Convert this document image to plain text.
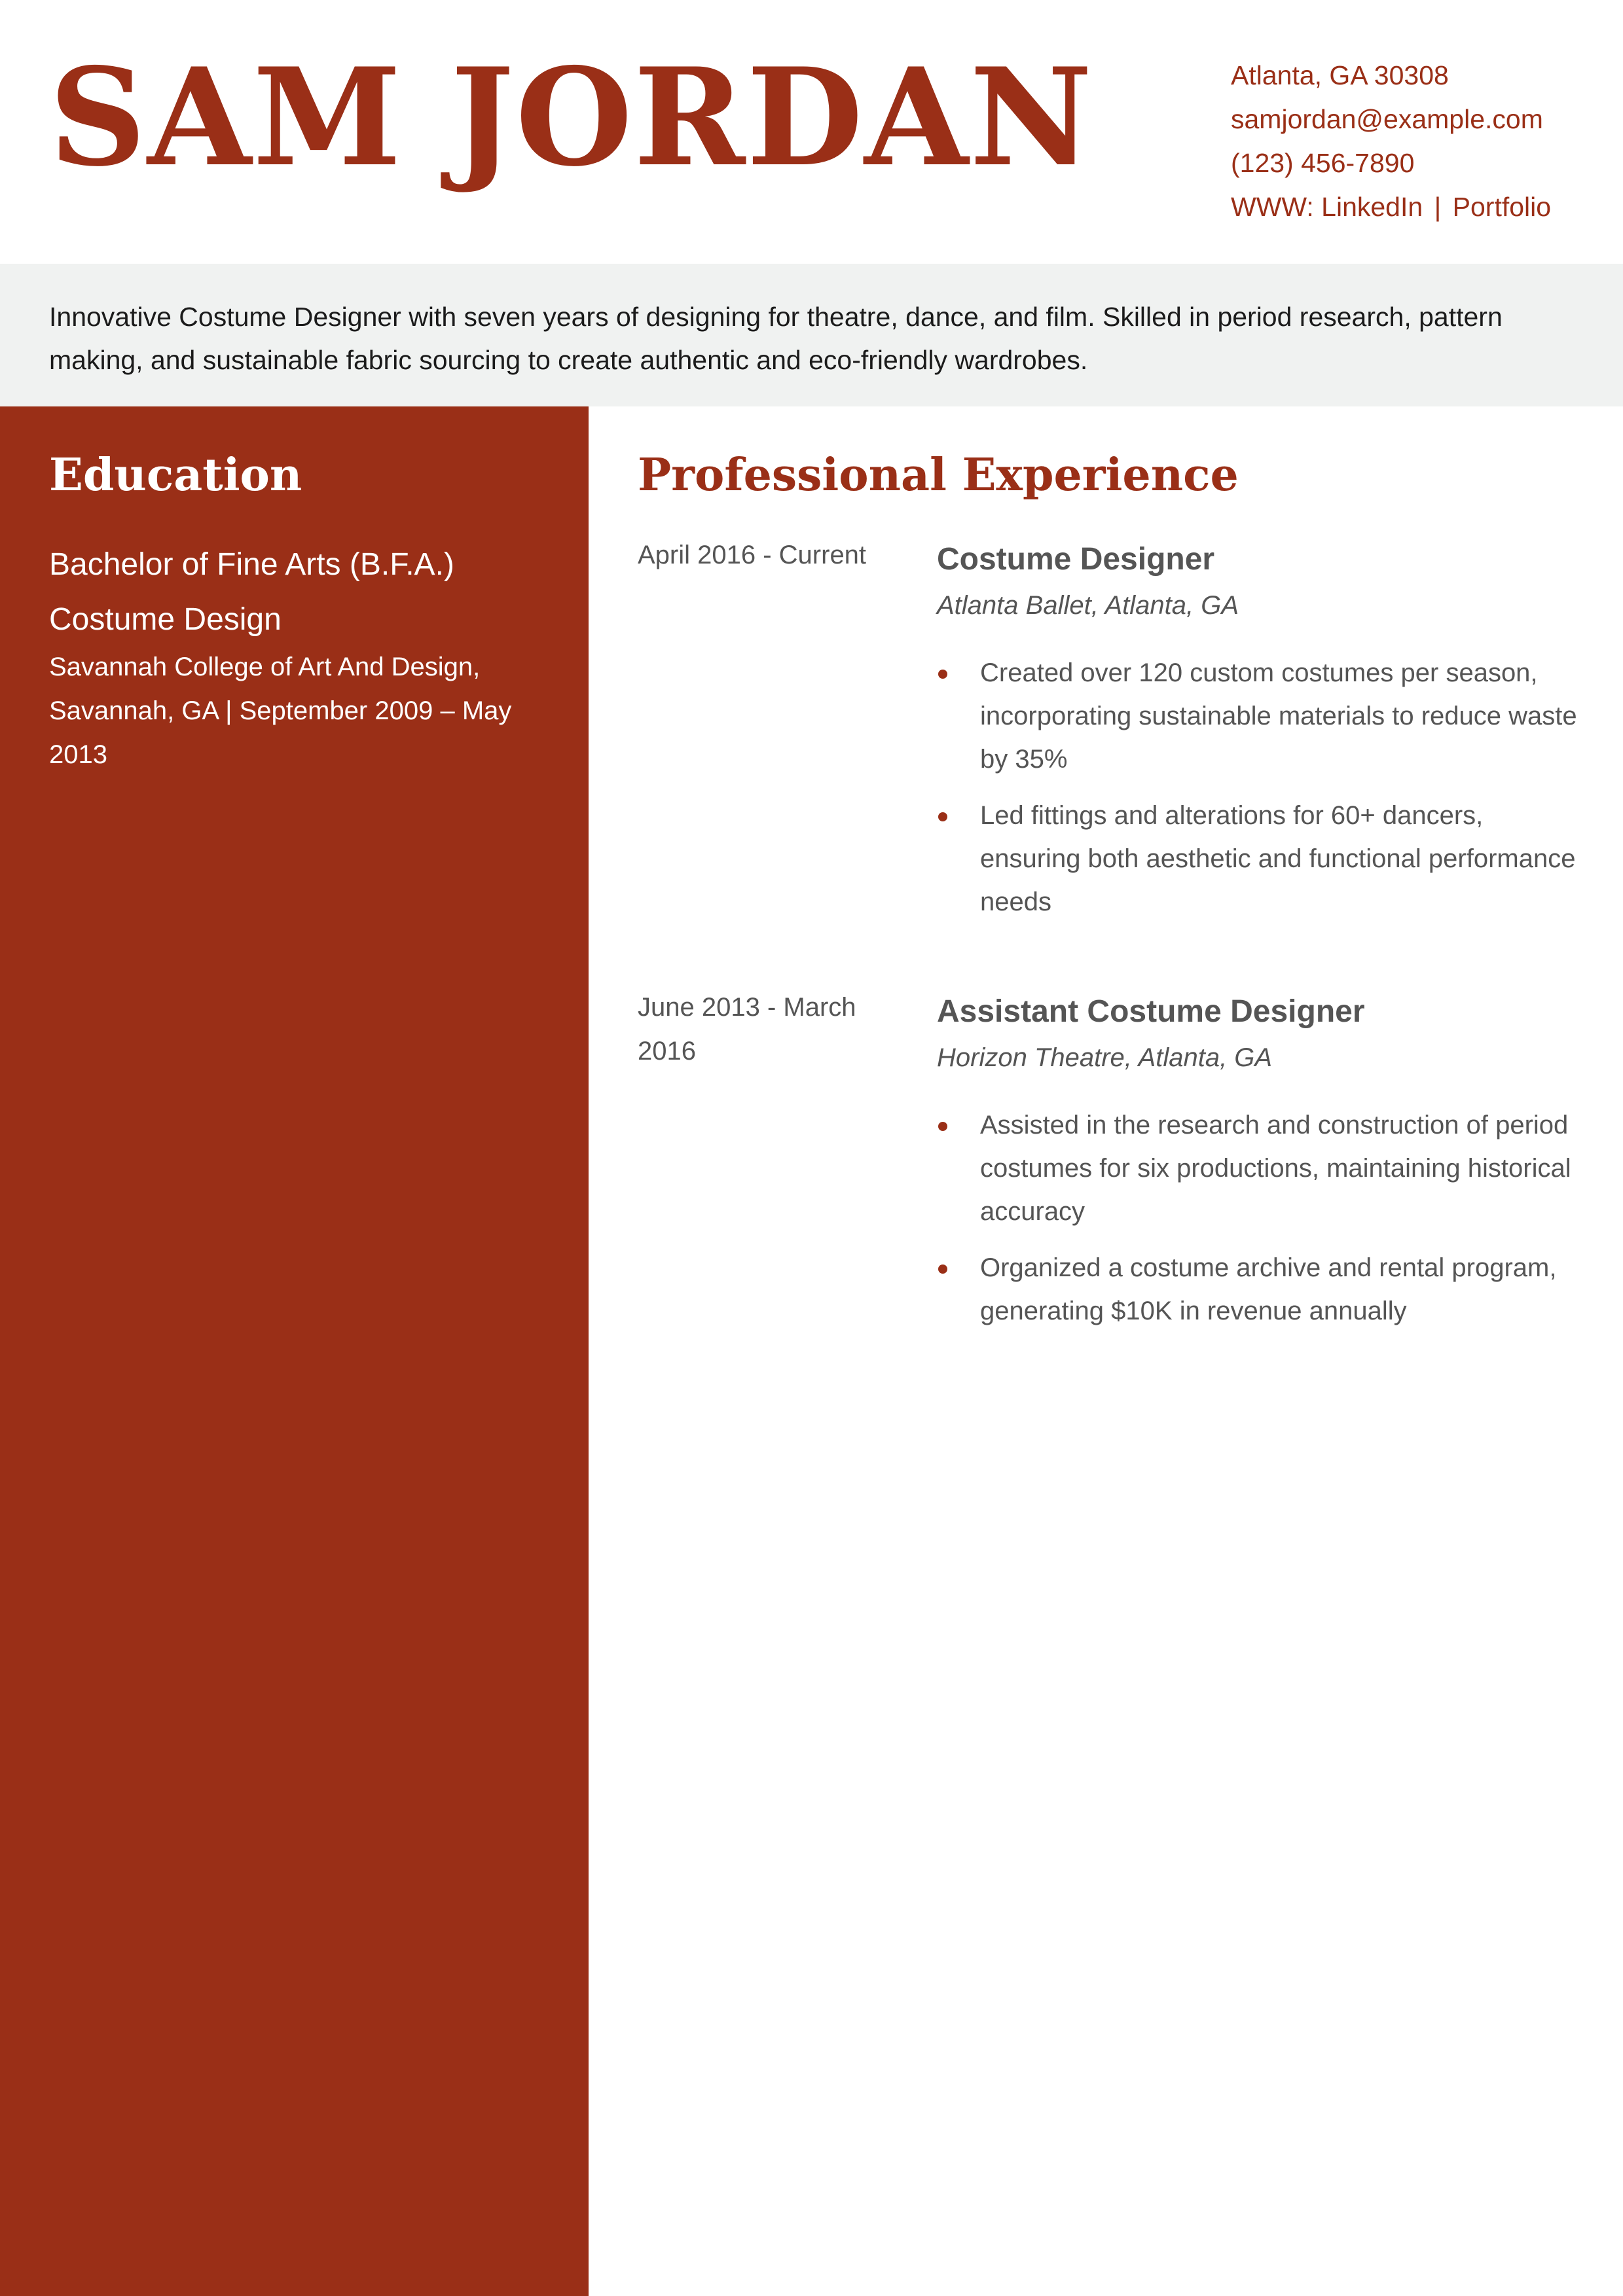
SAM JORDAN	Atlanta, GA 30308
samjordan@example.com
(123) 456-7890
WWW: LinkedIn | Portfolio

Innovative Costume Designer with seven years of designing for theatre, dance, and film. Skilled in period research, pattern making, and sustainable fabric sourcing to create authentic and eco-friendly wardrobes.

Education
Bachelor of Fine Arts (B.F.A.)
Costume Design
Savannah College of Art And Design, Savannah, GA | September 2009 – May 2013
Professional Experience
April 2016 - Current	Costume Designer
Atlanta Ballet, Atlanta, GA
Created over 120 custom costumes per season, incorporating sustainable materials to reduce waste by 35%
Led fittings and alterations for 60+ dancers, ensuring both aesthetic and functional performance needs
June 2013 - March 2016
Assistant Costume Designer
Horizon Theatre, Atlanta, GA
Assisted in the research and construction of period costumes for six productions, maintaining historical accuracy
Organized a costume archive and rental program, generating $10K in revenue annually
